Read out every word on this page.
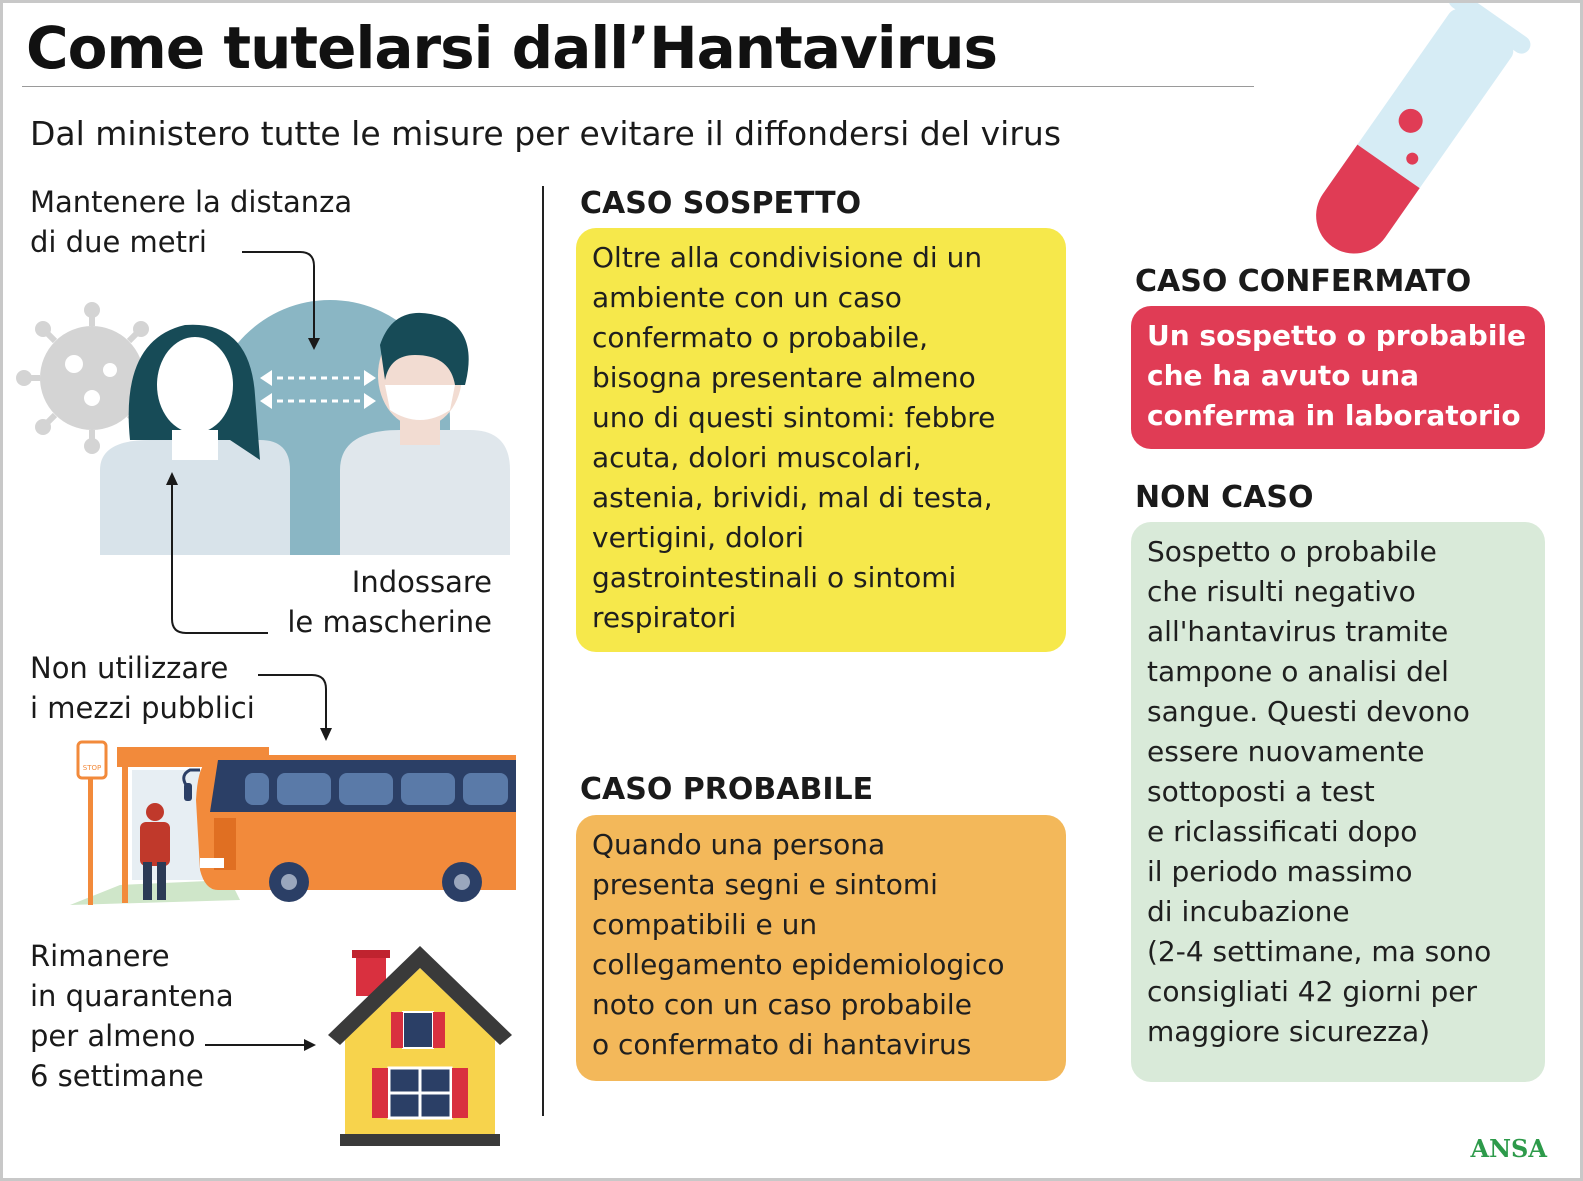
Come tutelarsi dall’Hantavirus
Dal ministero tutte le misure per evitare il diffondersi del virus
STOP
Mantenere la distanza
di due metri
Indossare
le mascherine
Non utilizzare
i mezzi pubblici
Rimanere
in quarantena
per almeno
6 settimane
CASO SOSPETTO
Oltre alla condivisione di un
ambiente con un caso
confermato o probabile,
bisogna presentare almeno
uno di questi sintomi: febbre
acuta, dolori muscolari,
astenia, brividi, mal di testa,
vertigini, dolori
gastrointestinali o sintomi
respiratori
CASO PROBABILE
Quando una persona
presenta segni e sintomi
compatibili e un
collegamento epidemiologico
noto con un caso probabile
o confermato di hantavirus
CASO CONFERMATO
Un sospetto o probabile
che ha avuto una
conferma in laboratorio
NON CASO
Sospetto o probabile
che risulti negativo
all'hantavirus tramite
tampone o analisi del
sangue. Questi devono
essere nuovamente
sottoposti a test
e riclassificati dopo
il periodo massimo
di incubazione
(2-4 settimane, ma sono
consigliati 42 giorni per
maggiore sicurezza)
ANSA
